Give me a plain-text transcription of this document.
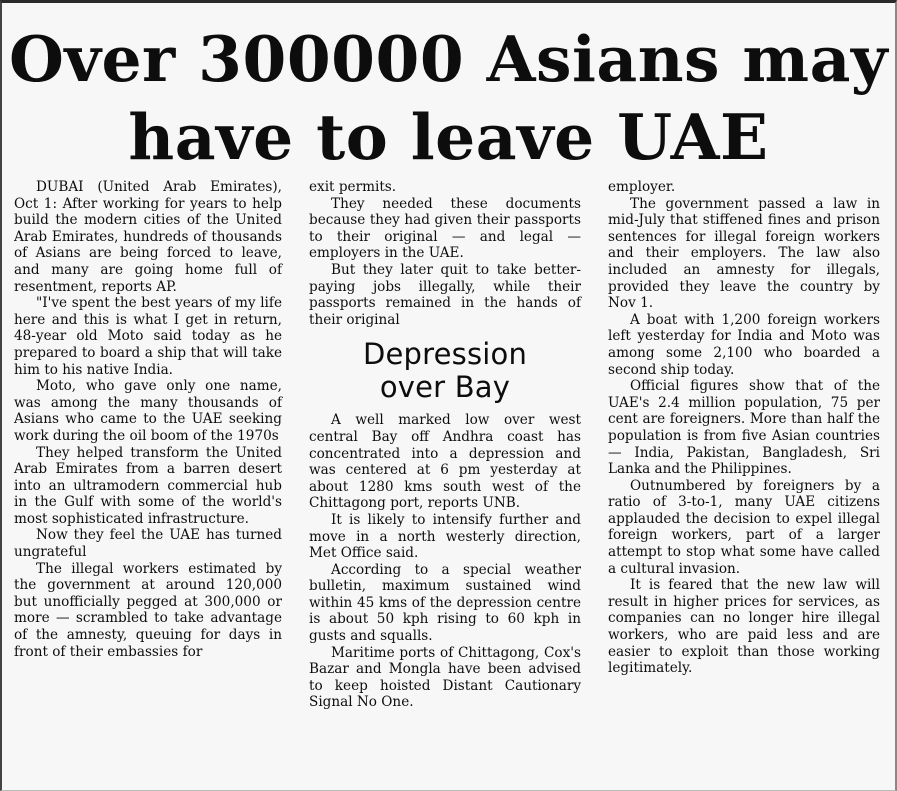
Over 300000 Asians may
have to leave UAE

DUBAI (United Arab Emirates), Oct 1: After working for years to help build the modern cities of the United Arab Emirates, hundreds of thousands of Asians are being forced to leave, and many are going home full of resentment, reports AP.

"I've spent the best years of my life here and this is what I get in return, 48-year old Moto said today as he prepared to board a ship that will take him to his native India.

Moto, who gave only one name, was among the many thousands of Asians who came to the UAE seeking work during the oil boom of the 1970s

They helped transform the United Arab Emirates from a barren desert into an ultramodern commercial hub in the Gulf with some of the world's most sophisticated infrastructure.

Now they feel the UAE has turned ungrateful

The illegal workers estimated by the government at around 120,000 but unofficially pegged at 300,000 or more — scrambled to take advantage of the amnesty, queuing for days in front of their embassies for

exit permits.

They needed these documents because they had given their passports to their original — and legal — employers in the UAE.

But they later quit to take better-paying jobs illegally, while their passports remained in the hands of their original

Depression
over Bay

A well marked low over west central Bay off Andhra coast has concentrated into a depression and was centered at 6 pm yesterday at about 1280 kms south west of the Chittagong port, reports UNB.

It is likely to intensify further and move in a north westerly direction, Met Office said.

According to a special weather bulletin, maximum sustained wind within 45 kms of the depression centre is about 50 kph rising to 60 kph in gusts and squalls.

Maritime ports of Chittagong, Cox's Bazar and Mongla have been advised to keep hoisted Distant Cautionary Signal No One.

employer.

The government passed a law in mid-July that stiffened fines and prison sentences for illegal foreign workers and their employers. The law also included an amnesty for illegals, provided they leave the country by Nov 1.

A boat with 1,200 foreign workers left yesterday for India and Moto was among some 2,100 who boarded a second ship today.

Official figures show that of the UAE's 2.4 million population, 75 per cent are foreigners. More than half the population is from five Asian countries — India, Pakistan, Bangladesh, Sri Lanka and the Philippines.

Outnumbered by foreigners by a ratio of 3-to-1, many UAE citizens applauded the decision to expel illegal foreign workers, part of a larger attempt to stop what some have called a cultural invasion.

It is feared that the new law will result in higher prices for services, as companies can no longer hire illegal workers, who are paid less and are easier to exploit than those working legitimately.
